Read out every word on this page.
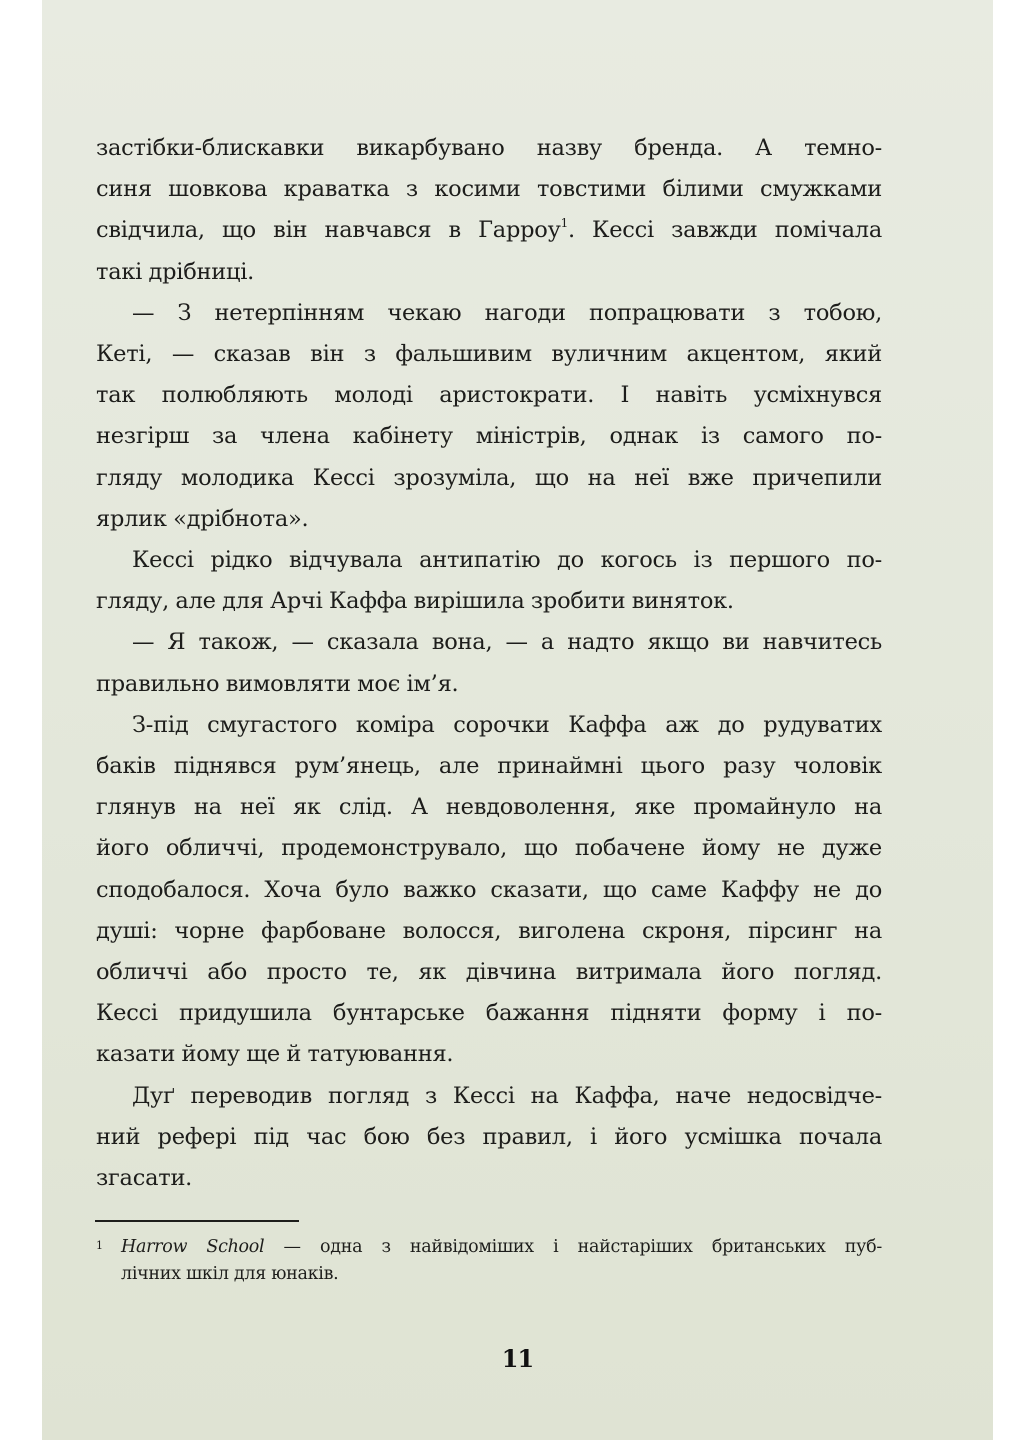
застібки-блискавки викарбувано назву бренда. А темно-
синя шовкова краватка з косими товстими білими смужками
свідчила, що він навчався в Гарроу$^1$. Кессі завжди помічала
такі дрібниці.

— З нетерпінням чекаю нагоди попрацювати з тобою,
Кеті, — сказав він з фальшивим вуличним акцентом, який
так полюбляють молоді аристократи. І навіть усміхнувся
незгірш за члена кабінету міністрів, однак із самого по-
гляду молодика Кессі зрозуміла, що на неї вже причепили
ярлик «дрібнота».

Кессі рідко відчувала антипатію до когось із першого по-
гляду, але для Арчі Каффа вирішила зробити виняток.

— Я також, — сказала вона, — а надто якщо ви навчитесь
правильно вимовляти моє ім’я.

З-під смугастого коміра сорочки Каффа аж до рудуватих
баків піднявся рум’янець, але принаймні цього разу чоловік
глянув на неї як слід. А невдоволення, яке промайнуло на
його обличчі, продемонструвало, що побачене йому не дуже
сподобалося. Хоча було важко сказати, що саме Каффу не до
душі: чорне фарбоване волосся, виголена скроня, пірсинг на
обличчі або просто те, як дівчина витримала його погляд.
Кессі придушила бунтарське бажання підняти форму і по-
казати йому ще й татуювання.

Дуґ переводив погляд з Кессі на Каффа, наче недосвідче-
ний рефері під час бою без правил, і його усмішка почала
згасати.

1 Harrow School — одна з найвідоміших і найстаріших британських пуб-
лічних шкіл для юнаків.
11
